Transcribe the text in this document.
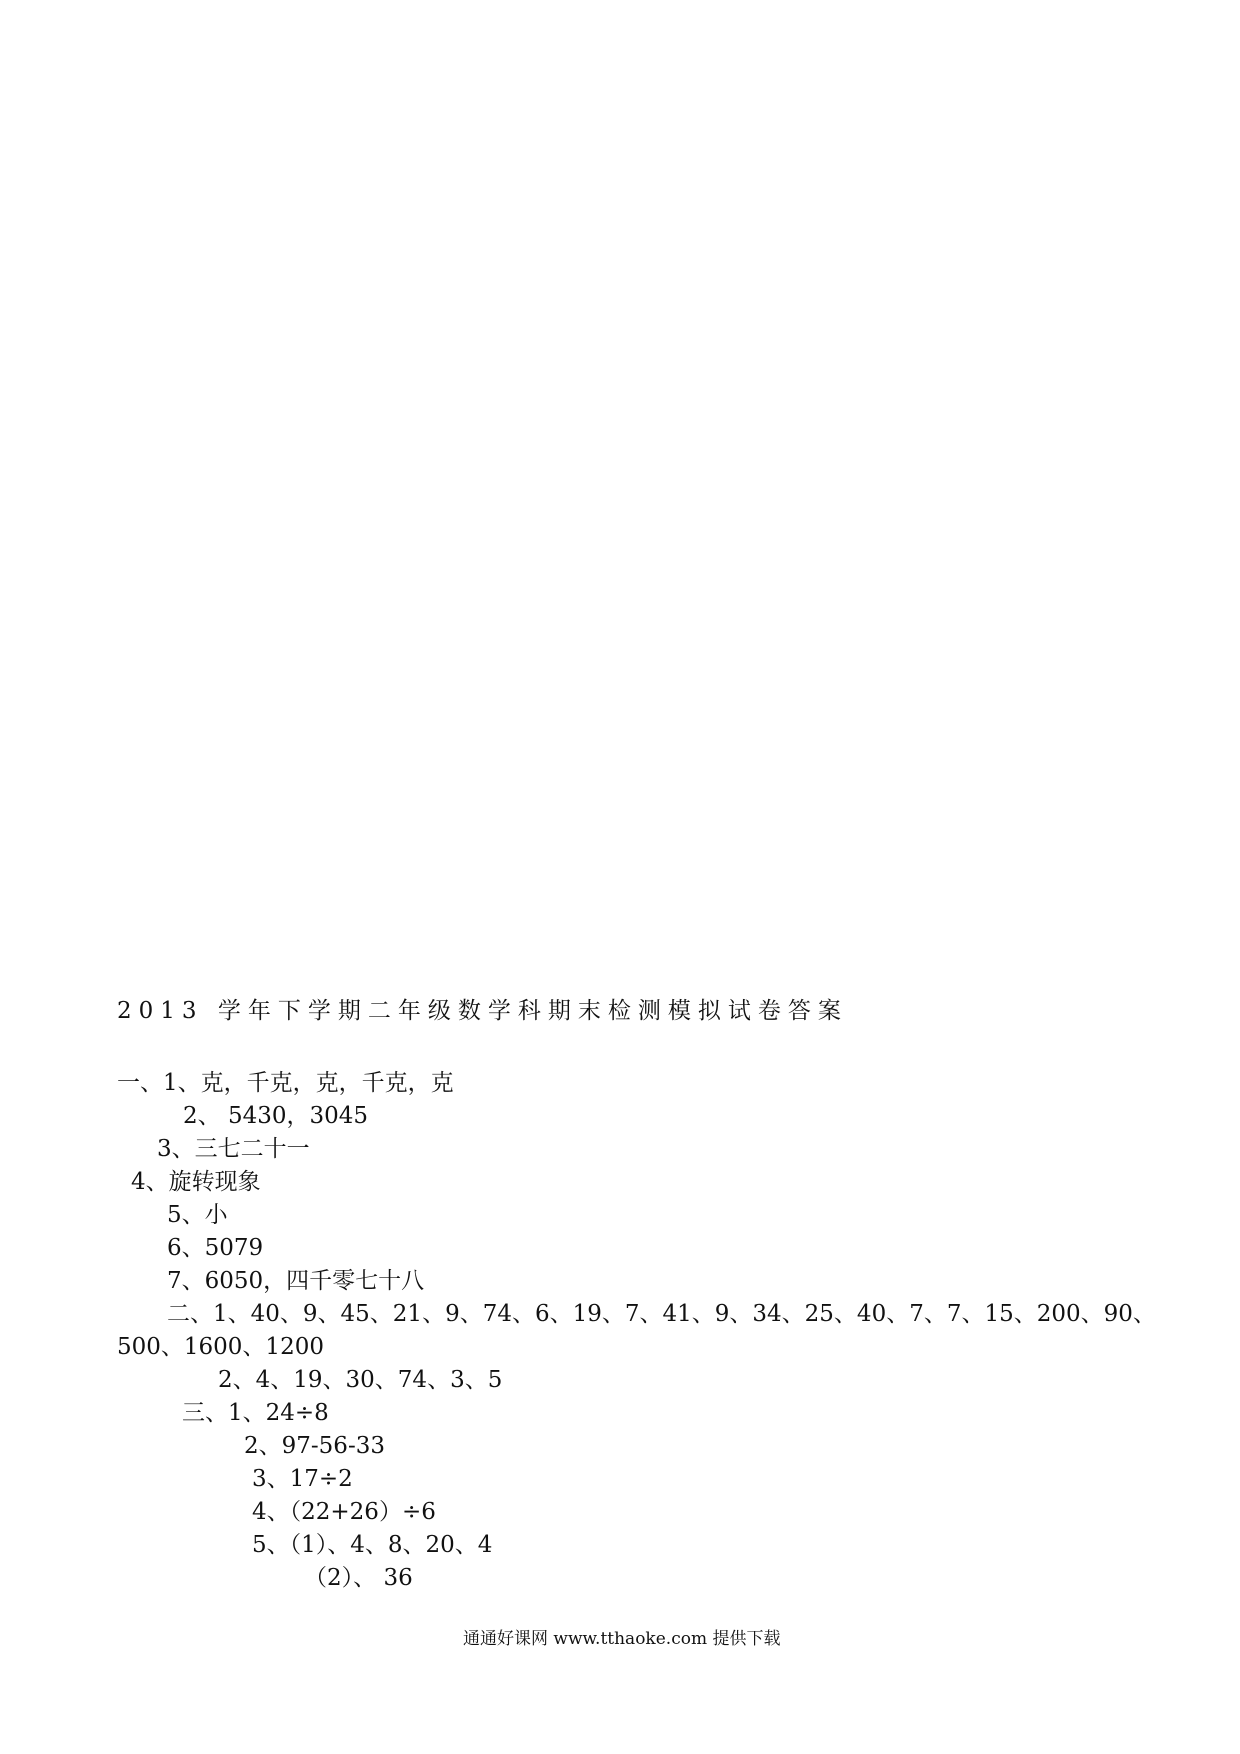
2013 学年下学期二年级数学科期末检测模拟试卷答案
一、1、克，千克，克，千克，克
2、 5430，3045
3、三七二十一
4、旋转现象
5、小
6、5079
7、6050，四千零七十八
二、1、40、9、45、21、9、74、6、19、7、41、9、34、25、40、7、7、15、200、90、
500、1600、1200
2、4、19、30、74、3、5
三、1、24÷8
2、97-56-33
3、17÷2
4、（22+26）÷6
5、（1）、4、8、20、4
（2）、 36
通通好课网 www.tthaoke.com 提供下载
